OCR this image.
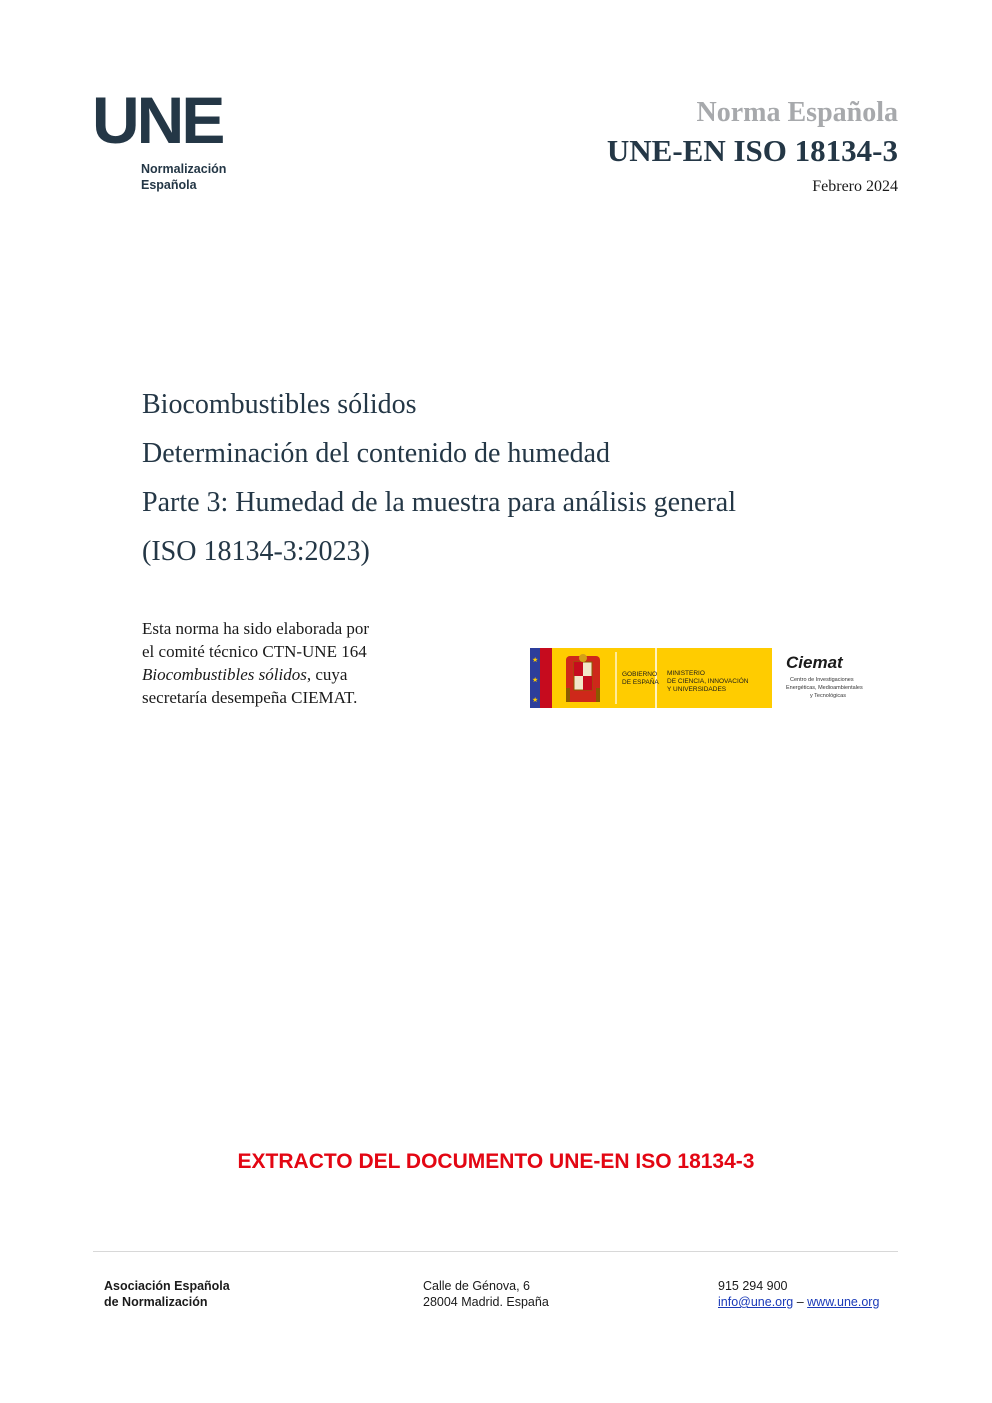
UNE
Normalización
Española
Norma Española
UNE-EN ISO 18134-3
Febrero 2024
Biocombustibles sólidos
Determinación del contenido de humedad
Parte 3: Humedad de la muestra para análisis general
(ISO 18134-3:2023)
Esta norma ha sido elaborada por
el comité técnico CTN-UNE 164
Biocombustibles sólidos, cuya
secretaría desempeña CIEMAT.
★
★
★
GOBIERNO
DE ESPAÑA
MINISTERIO
DE CIENCIA, INNOVACIÓN
Y UNIVERSIDADES
Ciemat
Centro de Investigaciones
Energéticas, Medioambientales
y Tecnológicas
EXTRACTO DEL DOCUMENTO UNE-EN ISO 18134-3
Asociación Española
de Normalización
Calle de Génova, 6
28004 Madrid. España
915 294 900
info@une.org – www.une.org
